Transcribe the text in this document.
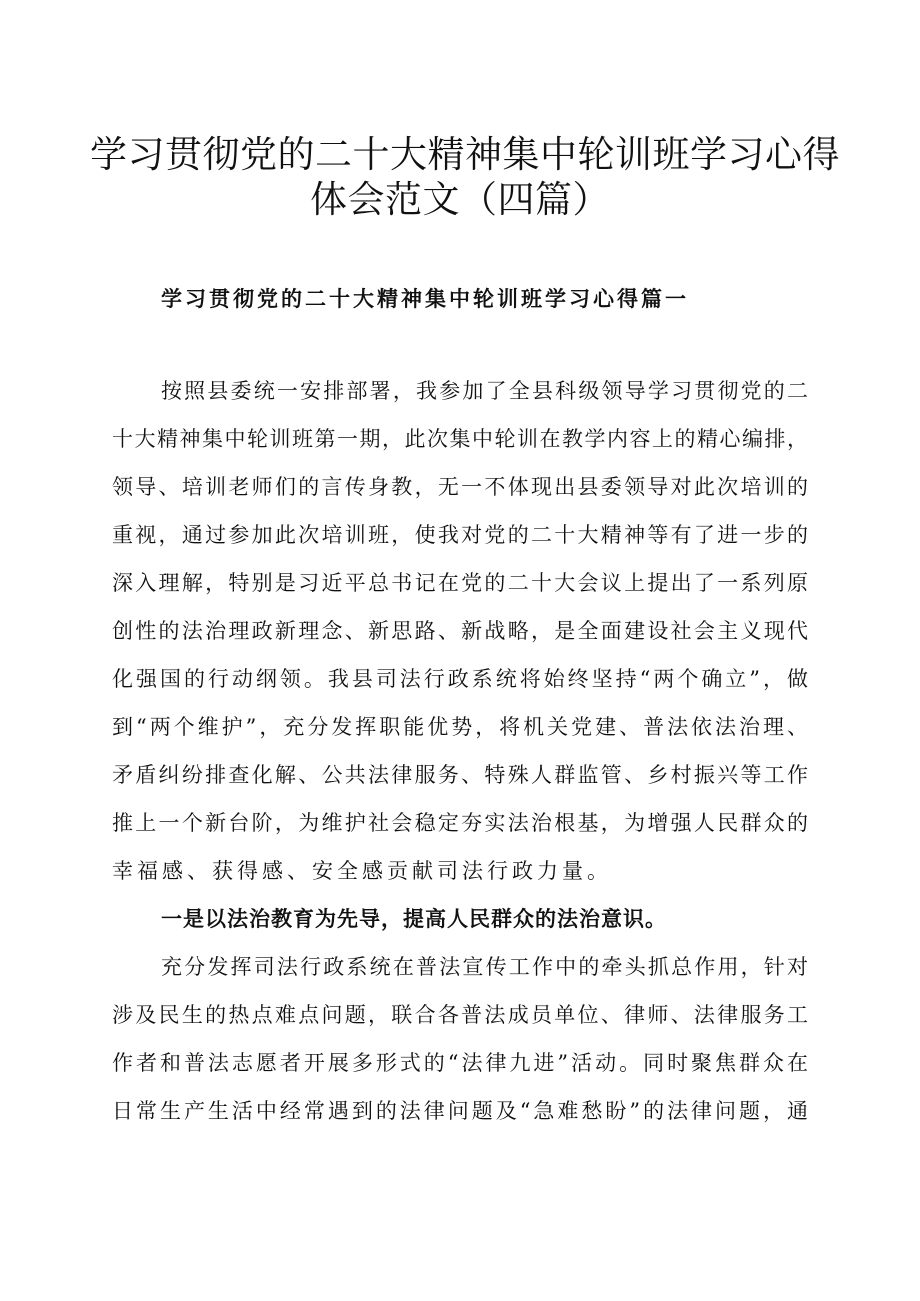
学习贯彻党的二十大精神集中轮训班学习心得
体会范文（四篇）
学习贯彻党的二十大精神集中轮训班学习心得篇一
按照县委统一安排部署，我参加了全县科级领导学习贯彻党的二
十大精神集中轮训班第一期，此次集中轮训在教学内容上的精心编排，
领导、培训老师们的言传身教，无一不体现出县委领导对此次培训的
重视，通过参加此次培训班，使我对党的二十大精神等有了进一步的
深入理解，特别是习近平总书记在党的二十大会议上提出了一系列原
创性的法治理政新理念、新思路、新战略，是全面建设社会主义现代
化强国的行动纲领。我县司法行政系统将始终坚持“两个确立”，做
到“两个维护”，充分发挥职能优势，将机关党建、普法依法治理、
矛盾纠纷排查化解、公共法律服务、特殊人群监管、乡村振兴等工作
推上一个新台阶，为维护社会稳定夯实法治根基，为增强人民群众的
幸福感、获得感、安全感贡献司法行政力量。
一是以法治教育为先导，提高人民群众的法治意识。
充分发挥司法行政系统在普法宣传工作中的牵头抓总作用，针对
涉及民生的热点难点问题，联合各普法成员单位、律师、法律服务工
作者和普法志愿者开展多形式的“法律九进”活动。同时聚焦群众在
日常生产生活中经常遇到的法律问题及“急难愁盼”的法律问题，通
